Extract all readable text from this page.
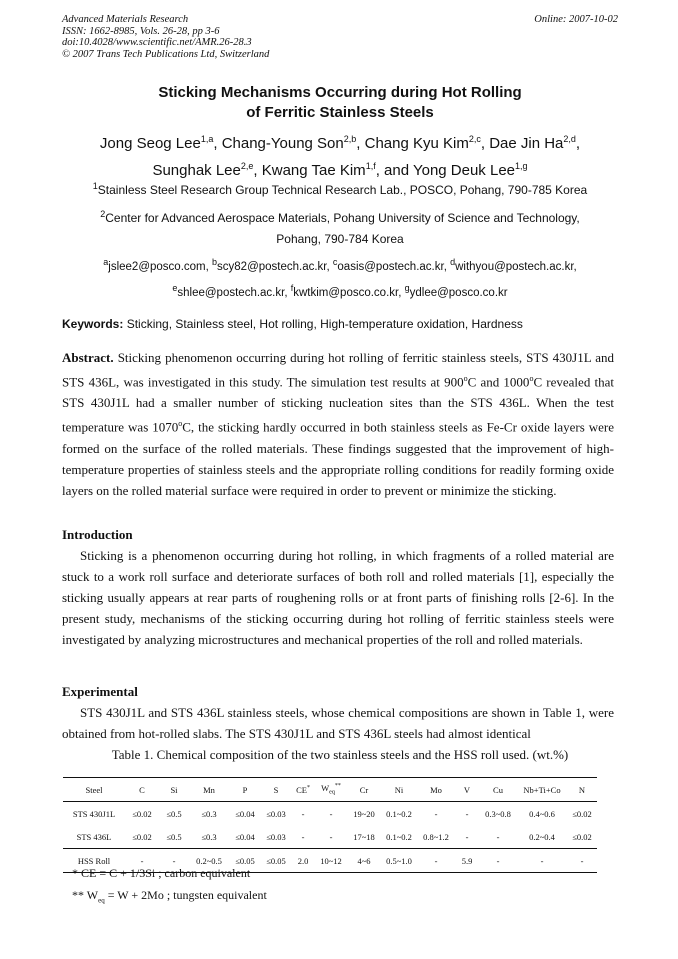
Advanced Materials Research
ISSN: 1662-8985, Vols. 26-28, pp 3-6
doi:10.4028/www.scientific.net/AMR.26-28.3
© 2007 Trans Tech Publications Ltd, Switzerland
Online: 2007-10-02
Sticking Mechanisms Occurring during Hot Rolling
of Ferritic Stainless Steels
Jong Seog Lee$^{1,a}$, Chang-Young Son$^{2,b}$, Chang Kyu Kim$^{2,c}$, Dae Jin Ha$^{2,d}$,
Sunghak Lee$^{2,e}$, Kwang Tae Kim$^{1,f}$, and Yong Deuk Lee$^{1,g}$
$^1$Stainless Steel Research Group Technical Research Lab., POSCO, Pohang, 790-785 Korea
$^2$Center for Advanced Aerospace Materials, Pohang University of Science and Technology,
Pohang, 790-784 Korea
$^a$jslee2@posco.com, $^b$scy82@postech.ac.kr, $^c$oasis@postech.ac.kr, $^d$withyou@postech.ac.kr,
$^e$shlee@postech.ac.kr, $^f$kwtkim@posco.co.kr, $^g$ydlee@posco.co.kr
Keywords: Sticking, Stainless steel, Hot rolling, High-temperature oxidation, Hardness
Abstract. Sticking phenomenon occurring during hot rolling of ferritic stainless steels, STS 430J1L and STS 436L, was investigated in this study. The simulation test results at 900$^o$C and 1000$^o$C revealed that STS 430J1L had a smaller number of sticking nucleation sites than the STS 436L. When the test temperature was 1070$^o$C, the sticking hardly occurred in both stainless steels as Fe-Cr oxide layers were formed on the surface of the rolled materials. These findings suggested that the improvement of high-temperature properties of stainless steels and the appropriate rolling conditions for readily forming oxide layers on the rolled material surface were required in order to prevent or minimize the sticking.
Introduction
Sticking is a phenomenon occurring during hot rolling, in which fragments of a rolled material are stuck to a work roll surface and deteriorate surfaces of both roll and rolled materials [1], especially the sticking usually appears at rear parts of roughening rolls or at front parts of finishing rolls [2-6]. In the present study, mechanisms of the sticking occurring during hot rolling of ferritic stainless steels were investigated by analyzing microstructures and mechanical properties of the roll and rolled materials.
Experimental
STS 430J1L and STS 436L stainless steels, whose chemical compositions are shown in Table 1, were obtained from hot-rolled slabs. The STS 430J1L and STS 436L steels had almost identical
Table 1. Chemical composition of the two stainless steels and the HSS roll used. (wt.%)
Steel	C	Si	Mn	P	S	CE*	$W_{eq}^{**}$	Cr	Ni	Mo	V	Cu	Nb+Ti+Co	N
STS 430J1L	≤0.02	≤0.5	≤0.3	≤0.04	≤0.03	-	-	19~20	0.1~0.2	-	-	0.3~0.8	0.4~0.6	≤0.02
STS 436L	≤0.02	≤0.5	≤0.3	≤0.04	≤0.03	-	-	17~18	0.1~0.2	0.8~1.2	-	-	0.2~0.4	≤0.02
HSS Roll	-	-	0.2~0.5	≤0.05	≤0.05	2.0	10~12	4~6	0.5~1.0	-	5.9	-	-	-
* CE = C + 1/3Si ; carbon equivalent
** $W_{eq} = W + 2Mo$ ; tungsten equivalent
